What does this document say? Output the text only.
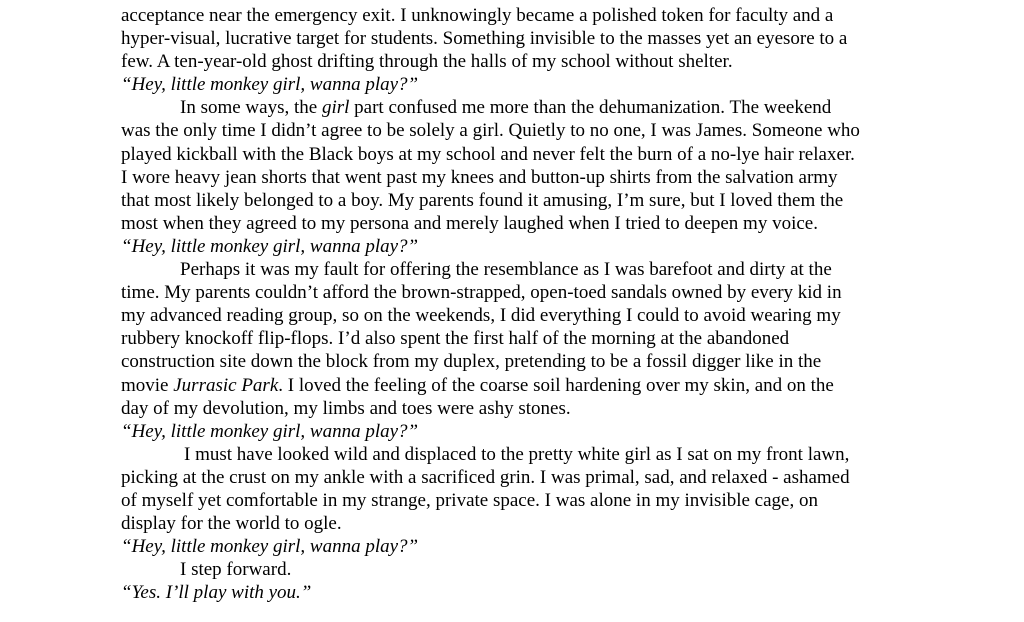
acceptance near the emergency exit. I unknowingly became a polished token for faculty and a
hyper-visual, lucrative target for students. Something invisible to the masses yet an eyesore to a
few. A ten-year-old ghost drifting through the halls of my school without shelter.
“Hey, little monkey girl, wanna play?”
In some ways, the girl part confused me more than the dehumanization. The weekend
was the only time I didn’t agree to be solely a girl. Quietly to no one, I was James. Someone who
played kickball with the Black boys at my school and never felt the burn of a no-lye hair relaxer.
I wore heavy jean shorts that went past my knees and button-up shirts from the salvation army
that most likely belonged to a boy. My parents found it amusing, I’m sure, but I loved them the
most when they agreed to my persona and merely laughed when I tried to deepen my voice.
“Hey, little monkey girl, wanna play?”
Perhaps it was my fault for offering the resemblance as I was barefoot and dirty at the
time. My parents couldn’t afford the brown-strapped, open-toed sandals owned by every kid in
my advanced reading group, so on the weekends, I did everything I could to avoid wearing my
rubbery knockoff flip-flops. I’d also spent the first half of the morning at the abandoned
construction site down the block from my duplex, pretending to be a fossil digger like in the
movie Jurrasic Park. I loved the feeling of the coarse soil hardening over my skin, and on the
day of my devolution, my limbs and toes were ashy stones.
“Hey, little monkey girl, wanna play?”
I must have looked wild and displaced to the pretty white girl as I sat on my front lawn,
picking at the crust on my ankle with a sacrificed grin. I was primal, sad, and relaxed - ashamed
of myself yet comfortable in my strange, private space. I was alone in my invisible cage, on
display for the world to ogle.
“Hey, little monkey girl, wanna play?”
I step forward.
“Yes. I’ll play with you.”
